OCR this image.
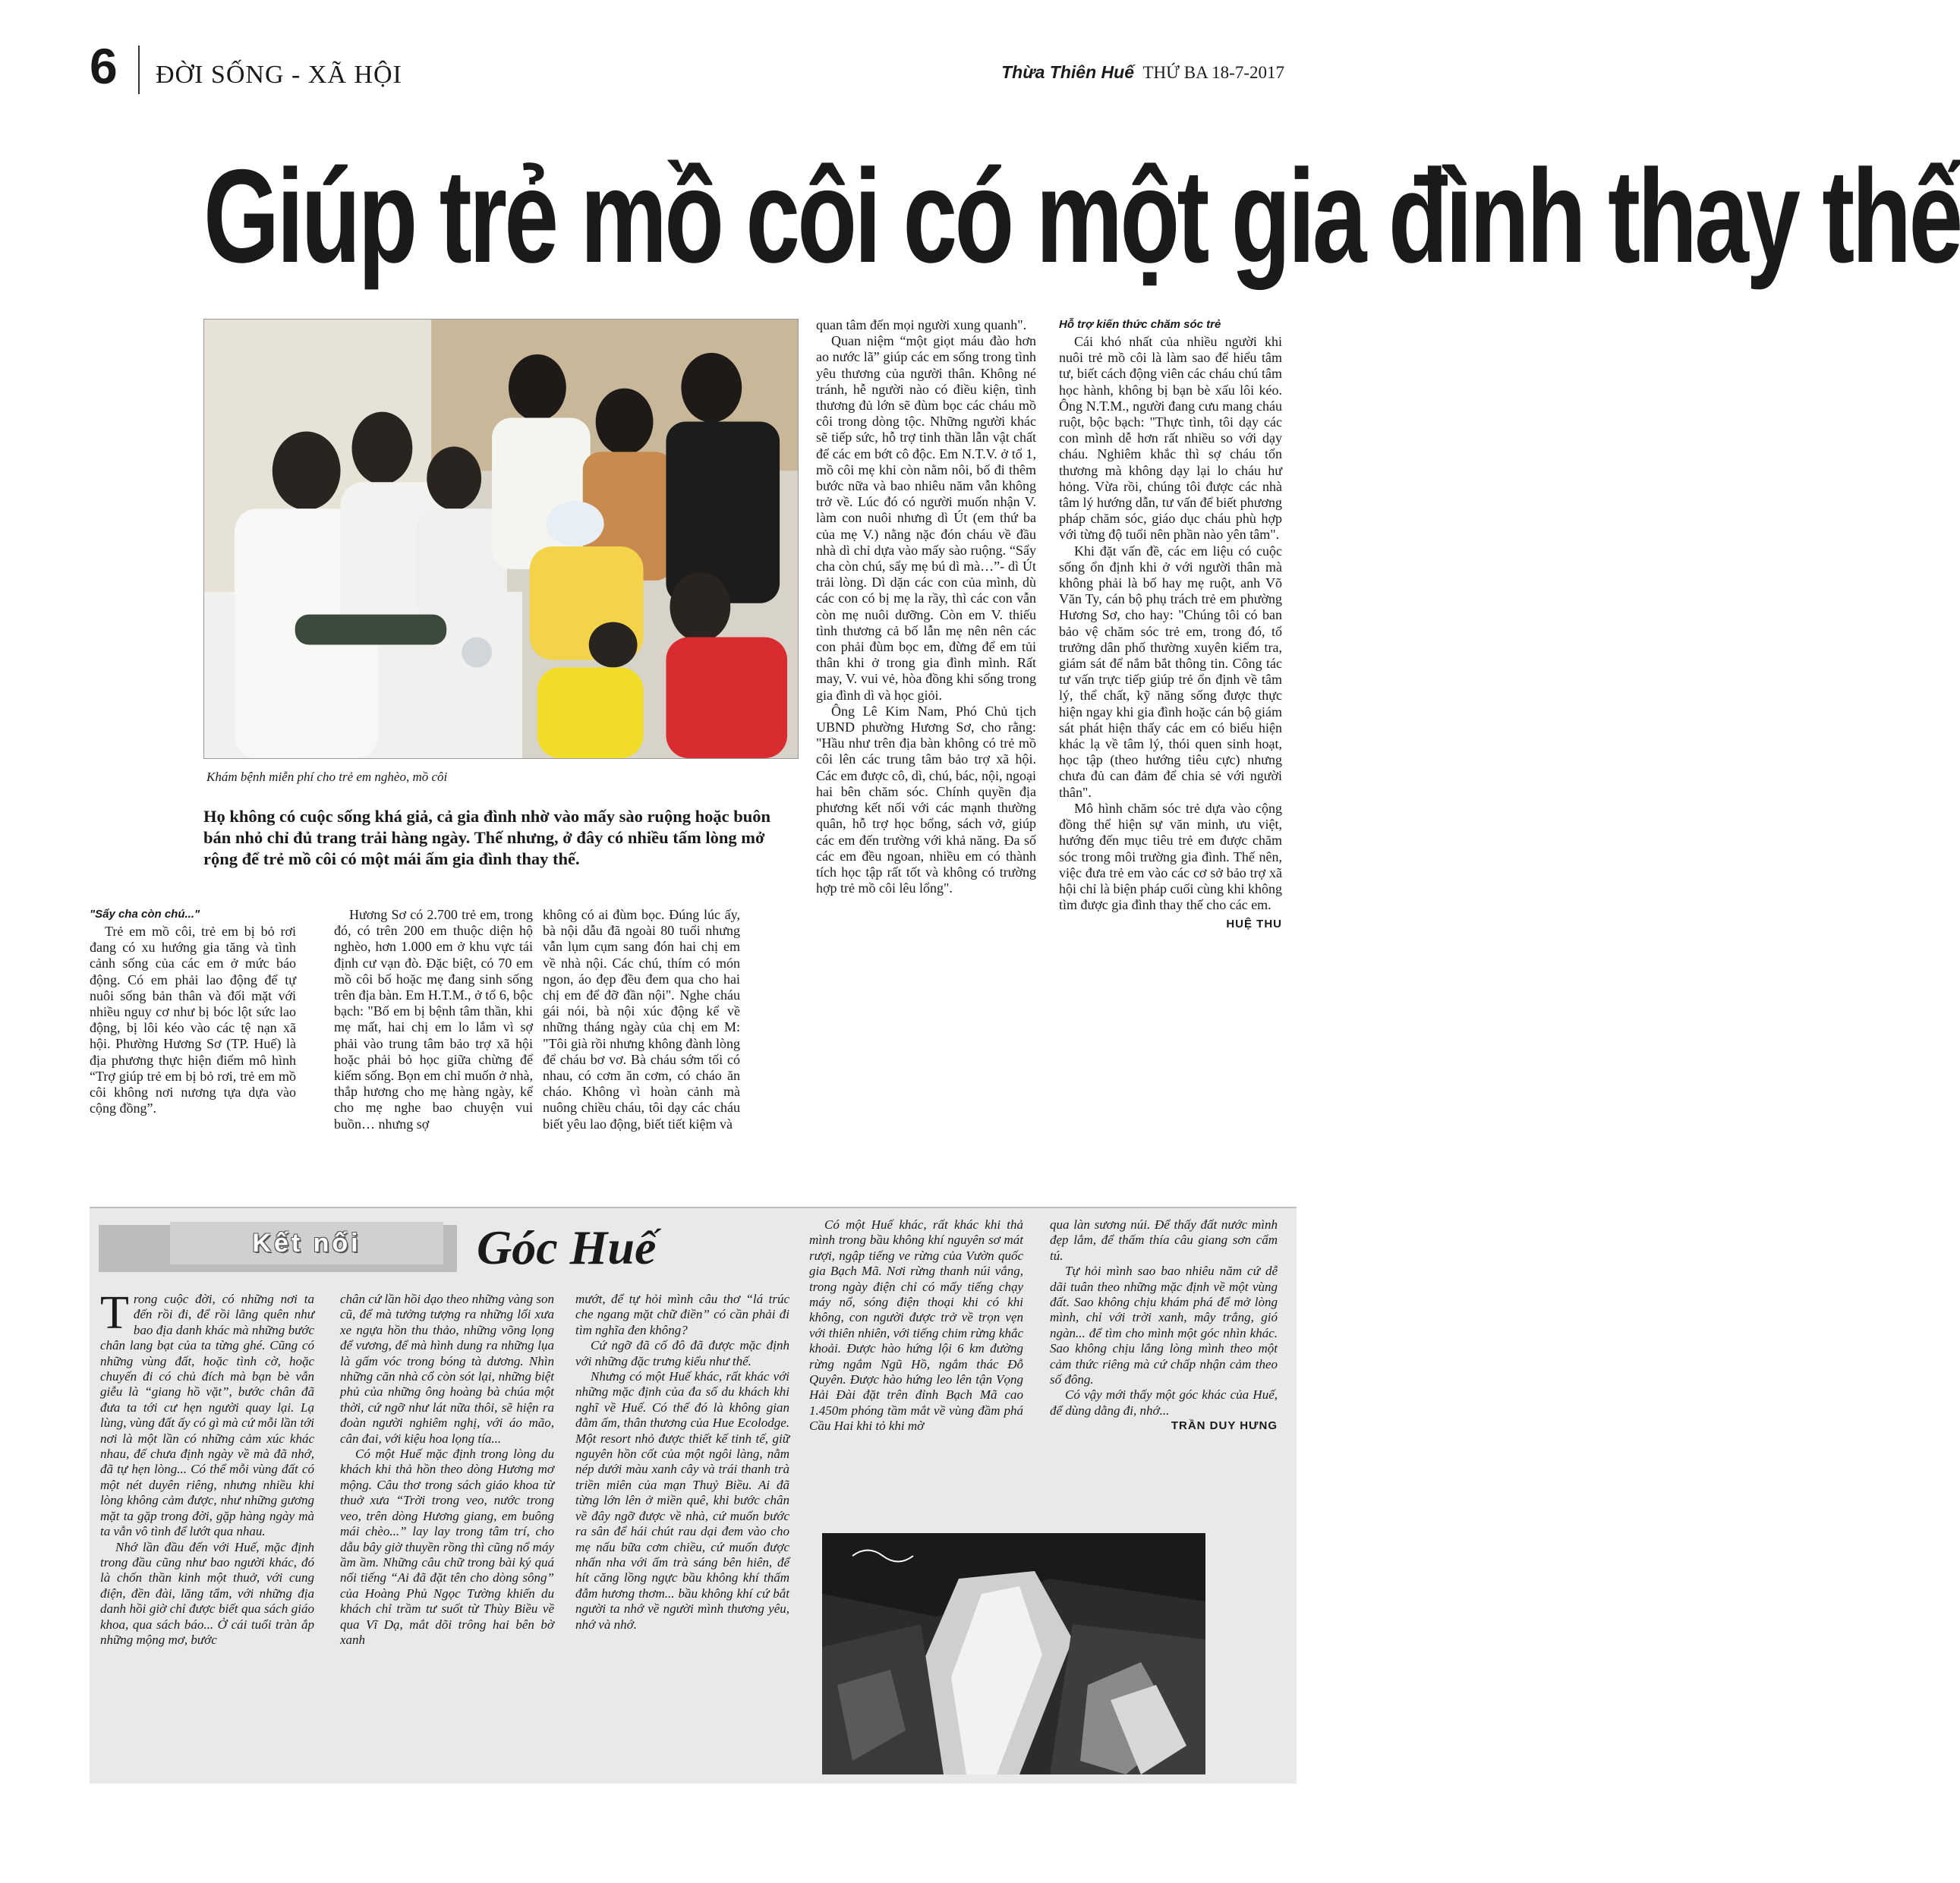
6 ĐỜI SỐNG - XÃ HỘI	Thừa Thiên Huế THỨ BA 18-7-2017
Giúp trẻ mồ côi có một gia đình thay thế
Khám bệnh miễn phí cho trẻ em nghèo, mồ côi
Họ không có cuộc sống khá giả, cả gia đình nhờ vào mấy sào ruộng hoặc buôn bán nhỏ chỉ đủ trang trải hàng ngày. Thế nhưng, ở đây có nhiều tấm lòng mở rộng để trẻ mồ côi có một mái ấm gia đình thay thế.
"Sẩy cha còn chú..."

Trẻ em mồ côi, trẻ em bị bỏ rơi đang có xu hướng gia tăng và tình cảnh sống của các em ở mức báo động. Có em phải lao động để tự nuôi sống bản thân và đối mặt với nhiều nguy cơ như bị bóc lột sức lao động, bị lôi kéo vào các tệ nạn xã hội. Phường Hương Sơ (TP. Huế) là địa phương thực hiện điểm mô hình “Trợ giúp trẻ em bị bỏ rơi, trẻ em mồ côi không nơi nương tựa dựa vào cộng đồng”.

Hương Sơ có 2.700 trẻ em, trong đó, có trên 200 em thuộc diện hộ nghèo, hơn 1.000 em ở khu vực tái định cư vạn đò. Đặc biệt, có 70 em mồ côi bố hoặc mẹ đang sinh sống trên địa bàn. Em H.T.M., ở tổ 6, bộc bạch: "Bố em bị bệnh tâm thần, khi mẹ mất, hai chị em lo lắm vì sợ phải vào trung tâm bảo trợ xã hội hoặc phải bỏ học giữa chừng để kiếm sống. Bọn em chỉ muốn ở nhà, thắp hương cho mẹ hàng ngày, kể cho mẹ nghe bao chuyện vui buồn… nhưng sợ

không có ai đùm bọc. Đúng lúc ấy, bà nội dẫu đã ngoài 80 tuổi nhưng vẫn lụm cụm sang đón hai chị em về nhà nội. Các chú, thím có món ngon, áo đẹp đều đem qua cho hai chị em để đỡ đần nội". Nghe cháu gái nói, bà nội xúc động kể về những tháng ngày của chị em M: "Tôi già rồi nhưng không đành lòng để cháu bơ vơ. Bà cháu sớm tối có nhau, có cơm ăn cơm, có cháo ăn cháo. Không vì hoàn cảnh mà nuông chiều cháu, tôi dạy các cháu biết yêu lao động, biết tiết kiệm và

quan tâm đến mọi người xung quanh".

Quan niệm “một giọt máu đào hơn ao nước lã” giúp các em sống trong tình yêu thương của người thân. Không né tránh, hễ người nào có điều kiện, tình thương đủ lớn sẽ đùm bọc các cháu mồ côi trong dòng tộc. Những người khác sẽ tiếp sức, hỗ trợ tinh thần lẫn vật chất để các em bớt cô độc. Em N.T.V. ở tổ 1, mồ côi mẹ khi còn nằm nôi, bố đi thêm bước nữa và bao nhiêu năm vẫn không trở về. Lúc đó có người muốn nhận V. làm con nuôi nhưng dì Út (em thứ ba của mẹ V.) nằng nặc đón cháu về đầu nhà dì chỉ dựa vào mấy sào ruộng. “Sẩy cha còn chú, sẩy mẹ bú dì mà…”- dì Út trải lòng. Dì dặn các con của mình, dù các con có bị mẹ la rầy, thì các con vẫn còn mẹ nuôi dưỡng. Còn em V. thiếu tình thương cả bố lẫn mẹ nên nên các con phải đùm bọc em, đừng để em tủi thân khi ở trong gia đình mình. Rất may, V. vui vẻ, hòa đồng khi sống trong gia đình dì và học giỏi.

Ông Lê Kim Nam, Phó Chủ tịch UBND phường Hương Sơ, cho rằng: "Hầu như trên địa bàn không có trẻ mồ côi lên các trung tâm bảo trợ xã hội. Các em được cô, dì, chú, bác, nội, ngoại hai bên chăm sóc. Chính quyền địa phương kết nối với các mạnh thường quân, hỗ trợ học bổng, sách vở, giúp các em đến trường với khả năng. Đa số các em đều ngoan, nhiều em có thành tích học tập rất tốt và không có trường hợp trẻ mồ côi lêu lổng".

Hỗ trợ kiến thức chăm sóc trẻ

Cái khó nhất của nhiều người khi nuôi trẻ mồ côi là làm sao để hiểu tâm tư, biết cách động viên các cháu chú tâm học hành, không bị bạn bè xấu lôi kéo. Ông N.T.M., người đang cưu mang cháu ruột, bộc bạch: "Thực tình, tôi dạy các con mình dễ hơn rất nhiều so với dạy cháu. Nghiêm khắc thì sợ cháu tổn thương mà không dạy lại lo cháu hư hỏng. Vừa rồi, chúng tôi được các nhà tâm lý hướng dẫn, tư vấn để biết phương pháp chăm sóc, giáo dục cháu phù hợp với từng độ tuổi nên phần nào yên tâm".

Khi đặt vấn đề, các em liệu có cuộc sống ổn định khi ở với người thân mà không phải là bố hay mẹ ruột, anh Võ Văn Ty, cán bộ phụ trách trẻ em phường Hương Sơ, cho hay: "Chúng tôi có ban bảo vệ chăm sóc trẻ em, trong đó, tổ trưởng dân phố thường xuyên kiểm tra, giám sát để nắm bắt thông tin. Công tác tư vấn trực tiếp giúp trẻ ổn định về tâm lý, thể chất, kỹ năng sống được thực hiện ngay khi gia đình hoặc cán bộ giám sát phát hiện thấy các em có biểu hiện khác lạ về tâm lý, thói quen sinh hoạt, học tập (theo hướng tiêu cực) nhưng chưa đủ can đảm để chia sẻ với người thân".

Mô hình chăm sóc trẻ dựa vào cộng đồng thể hiện sự văn minh, ưu việt, hướng đến mục tiêu trẻ em được chăm sóc trong môi trường gia đình. Thế nên, việc đưa trẻ em vào các cơ sở bảo trợ xã hội chỉ là biện pháp cuối cùng khi không tìm được gia đình thay thế cho các em.

HUỆ THU
Kết nối	Góc Huế

Trong cuộc đời, có những nơi ta đến rồi đi, để rồi lãng quên như bao địa danh khác mà những bước chân lang bạt của ta từng ghé. Cũng có những vùng đất, hoặc tình cờ, hoặc chuyến đi có chủ đích mà bạn bè vẫn giễu là “giang hồ vặt”, bước chân đã đưa ta tới cư hẹn người quay lại. Lạ lùng, vùng đất ấy có gì mà cứ mỗi lần tới nơi là một lần có những cảm xúc khác nhau, để chưa định ngày về mà đã nhớ, đã tự hẹn lòng... Có thể mỗi vùng đất có một nét duyên riêng, nhưng nhiều khi lòng không cảm được, như những gương mặt ta gặp trong đời, gặp hàng ngày mà ta vẫn vô tình để lướt qua nhau.

Nhớ lần đầu đến với Huế, mặc định trong đầu cũng như bao người khác, đó là chốn thần kinh một thuở, với cung điện, đền đài, lăng tẩm, với những địa danh hồi giờ chỉ được biết qua sách giáo khoa, qua sách báo... Ở cái tuổi tràn ắp những mộng mơ, bước

chân cứ lần hồi dạo theo những vàng son cũ, để mà tưởng tượng ra những lối xưa xe ngựa hồn thu thảo, những võng lọng để vương, để mà hình dung ra những lụa là gấm vóc trong bóng tà dương. Nhìn những căn nhà cổ còn sót lại, những biệt phủ của những ông hoàng bà chúa một thời, cứ ngỡ như lát nữa thôi, sẽ hiện ra đoàn người nghiêm nghị, với áo mão, cân đai, với kiệu hoa lọng tía...

Có một Huế mặc định trong lòng du khách khi thả hồn theo dòng Hương mơ mộng. Câu thơ trong sách giáo khoa từ thuở xưa “Trời trong veo, nước trong veo, trên dòng Hương giang, em buông mái chèo...” lay lay trong tâm trí, cho dẫu bây giờ thuyền rồng thì cũng nổ máy ầm ầm. Những câu chữ trong bài ký quá nổi tiếng “Ai đã đặt tên cho dòng sông” của Hoàng Phủ Ngọc Tường khiến du khách chỉ trầm tư suốt từ Thùy Biều về qua Vĩ Dạ, mắt dõi trông hai bên bờ xanh

mướt, để tự hỏi mình câu thơ “lá trúc che ngang mặt chữ điền” có cần phải đi tìm nghĩa đen không?

Cứ ngỡ đã cố đô đã được mặc định với những đặc trưng kiểu như thế.

Nhưng có một Huế khác, rất khác với những mặc định của đa số du khách khi nghĩ về Huế. Có thể đó là không gian đằm ấm, thân thương của Hue Ecolodge. Một resort nhỏ được thiết kế tinh tế, giữ nguyên hồn cốt của một ngôi làng, nằm nép dưới màu xanh cây và trái thanh trà triền miên của mạn Thuỷ Biều. Ai đã từng lớn lên ở miền quê, khi bước chân về đây ngỡ được về nhà, cứ muốn bước ra sân để hái chút rau dại đem vào cho mẹ nấu bữa cơm chiều, cứ muốn được nhấn nha với ấm trà sáng bên hiên, để hít căng lồng ngực bầu không khí thấm đẫm hương thơm... bầu không khí cứ bắt người ta nhớ về người mình thương yêu, nhớ và nhớ.

Có một Huế khác, rất khác khi thả mình trong bầu không khí nguyên sơ mát rượi, ngập tiếng ve rừng của Vườn quốc gia Bạch Mã. Nơi rừng thanh núi vắng, trong ngày điện chỉ có mấy tiếng chạy máy nổ, sóng điện thoại khi có khi không, con người được trở về trọn vẹn với thiên nhiên, với tiếng chim rừng khắc khoải. Được hào hứng lội 6 km đường rừng ngắm Ngũ Hồ, ngắm thác Đỗ Quyên. Được hào hứng leo lên tận Vọng Hải Đài đặt trên đỉnh Bạch Mã cao 1.450m phóng tầm mắt về vùng đầm phá Cầu Hai khi tỏ khi mờ

qua làn sương núi. Để thấy đất nước mình đẹp lắm, để thấm thía câu giang sơn cẩm tú.

Tự hỏi mình sao bao nhiêu năm cứ dễ dãi tuân theo những mặc định về một vùng đất. Sao không chịu khám phá để mở lòng mình, chỉ với trời xanh, mây trắng, gió ngàn... để tìm cho mình một góc nhìn khác. Sao không chịu lắng lòng mình theo một cảm thức riêng mà cứ chấp nhận cảm theo số đông.

Có vậy mới thấy một góc khác của Huế, để dùng dằng đi, nhớ...

TRẦN DUY HƯNG
